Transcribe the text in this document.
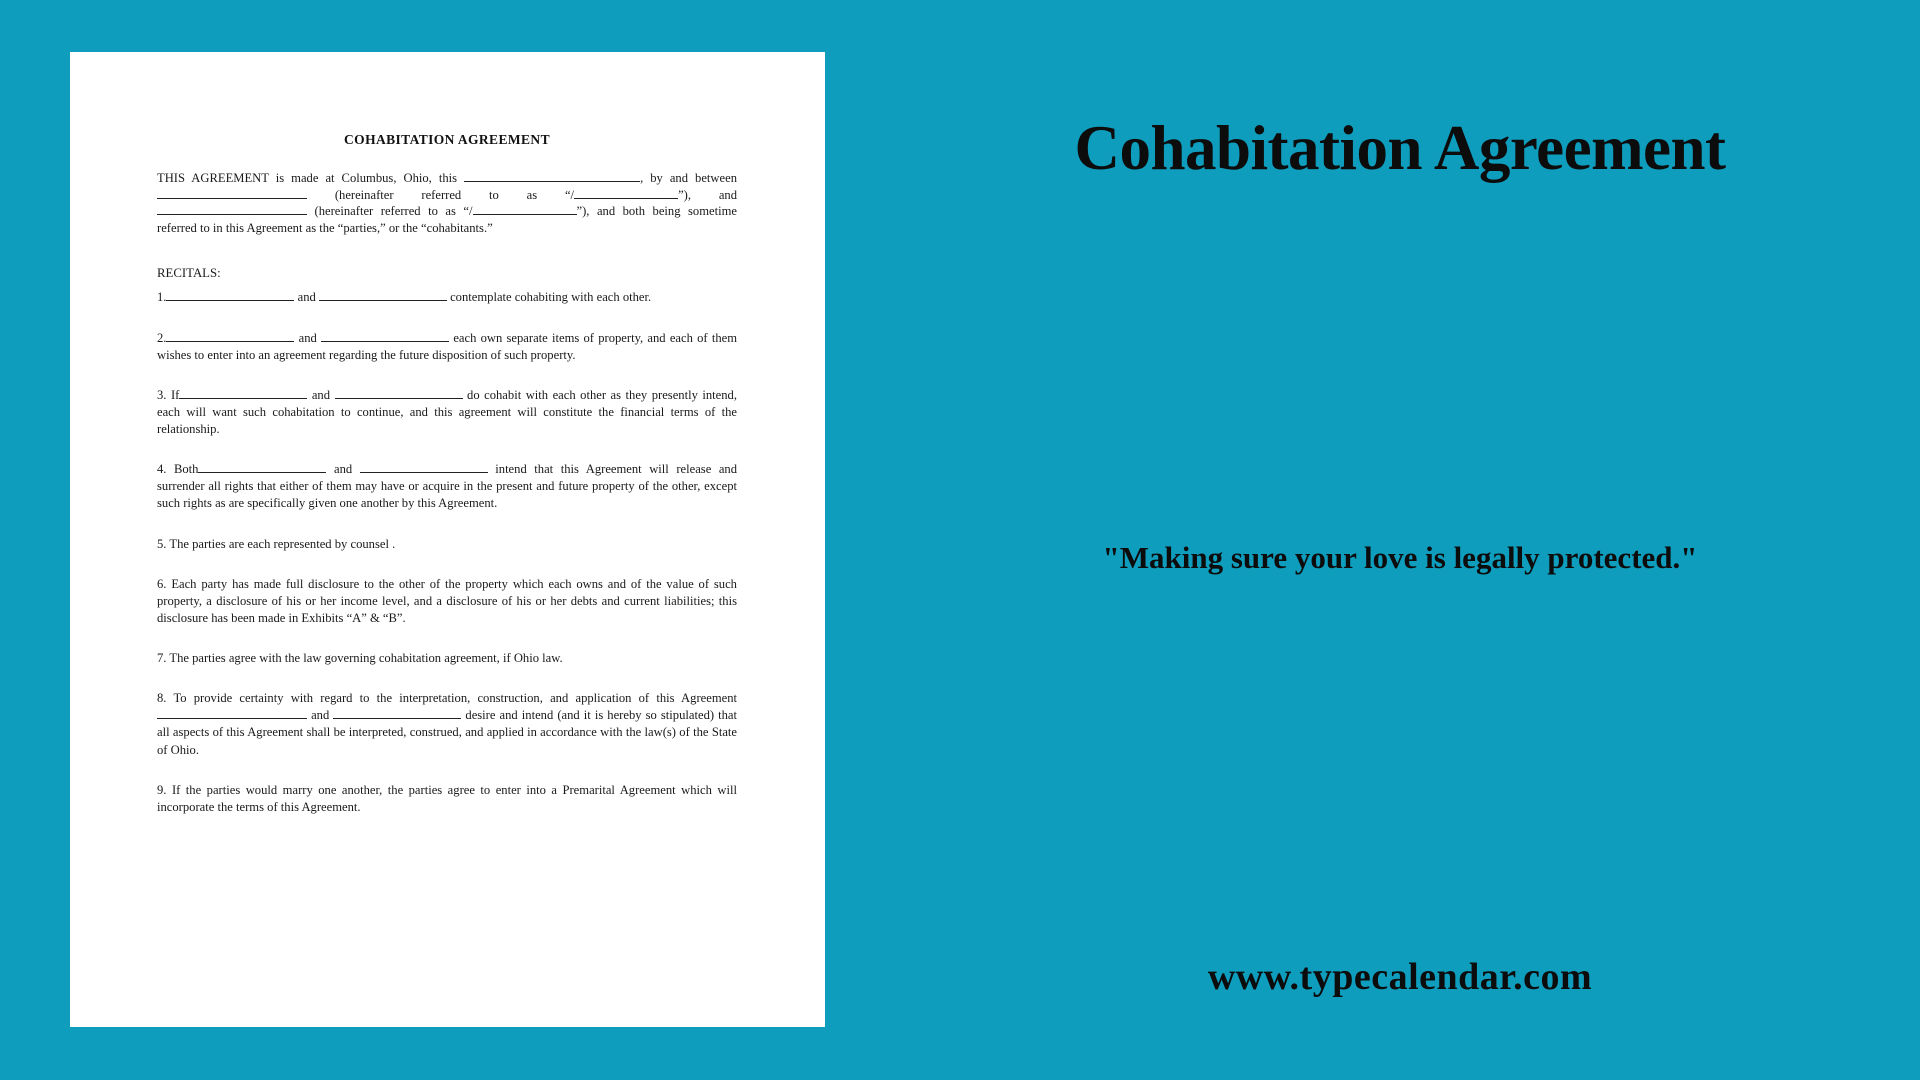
COHABITATION AGREEMENT

THIS AGREEMENT is made at Columbus, Ohio, this	, by and between  (hereinafter referred to as “/	”), and  (hereinafter referred to as “/	”), and both being sometime referred to in this Agreement as the “parties,” or the “cohabitants.”

RECITALS:

1.	and	contemplate cohabiting with each other.

2.	and	each own separate items of property, and each of them wishes to enter into an agreement regarding the future disposition of such property.

3. If	and	do cohabit with each other as they presently intend, each will want such cohabitation to continue, and this agreement will constitute the financial terms of the relationship.

4. Both	and	intend that this Agreement will release and surrender all rights that either of them may have or acquire in the present and future property of the other, except such rights as are specifically given one another by this Agreement.

5. The parties are each represented by counsel .

6. Each party has made full disclosure to the other of the property which each owns and of the value of such property, a disclosure of his or her income level, and a disclosure of his or her debts and current liabilities; this disclosure has been made in Exhibits “A” & “B”.

7. The parties agree with the law governing cohabitation agreement, if Ohio law.

8. To provide certainty with regard to the interpretation, construction, and application of this Agreement and	desire and intend (and it is hereby so stipulated) that all aspects of this Agreement shall be interpreted, construed, and applied in accordance with the law(s) of the State of Ohio.

9. If the parties would marry one another, the parties agree to enter into a Premarital Agreement which will incorporate the terms of this Agreement.

Cohabitation Agreement
"Making sure your love is legally protected."
www.typecalendar.com
